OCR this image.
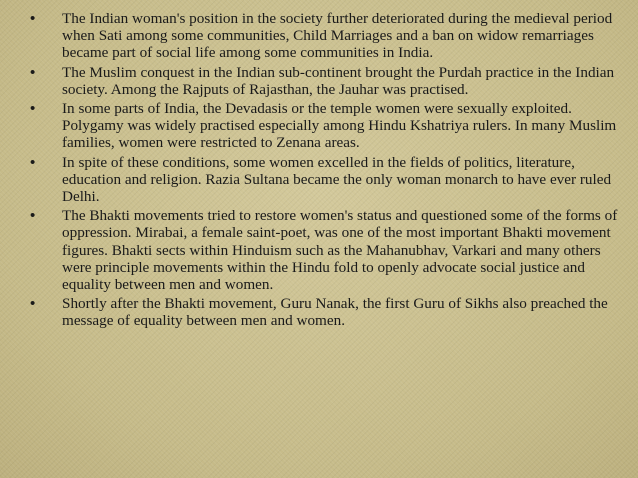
• The Indian woman's position in the society further deteriorated during the medieval period when Sati among some communities, Child Marriages and a ban on widow remarriages became part of social life among some communities in India.
• The Muslim conquest in the Indian sub-continent brought the Purdah practice in the Indian society. Among the Rajputs of Rajasthan, the Jauhar was practised.
• In some parts of India, the Devadasis or the temple women were sexually exploited. Polygamy was widely practised especially among Hindu Kshatriya rulers. In many Muslim families, women were restricted to Zenana areas.
• In spite of these conditions, some women excelled in the fields of politics, literature, education and religion. Razia Sultana became the only woman monarch to have ever ruled Delhi.
• The Bhakti movements tried to restore women's status and questioned some of the forms of oppression. Mirabai, a female saint-poet, was one of the most important Bhakti movement figures. Bhakti sects within Hinduism such as the Mahanubhav, Varkari and many others were principle movements within the Hindu fold to openly advocate social justice and equality between men and women.
• Shortly after the Bhakti movement, Guru Nanak, the first Guru of Sikhs also preached the message of equality between men and women.
